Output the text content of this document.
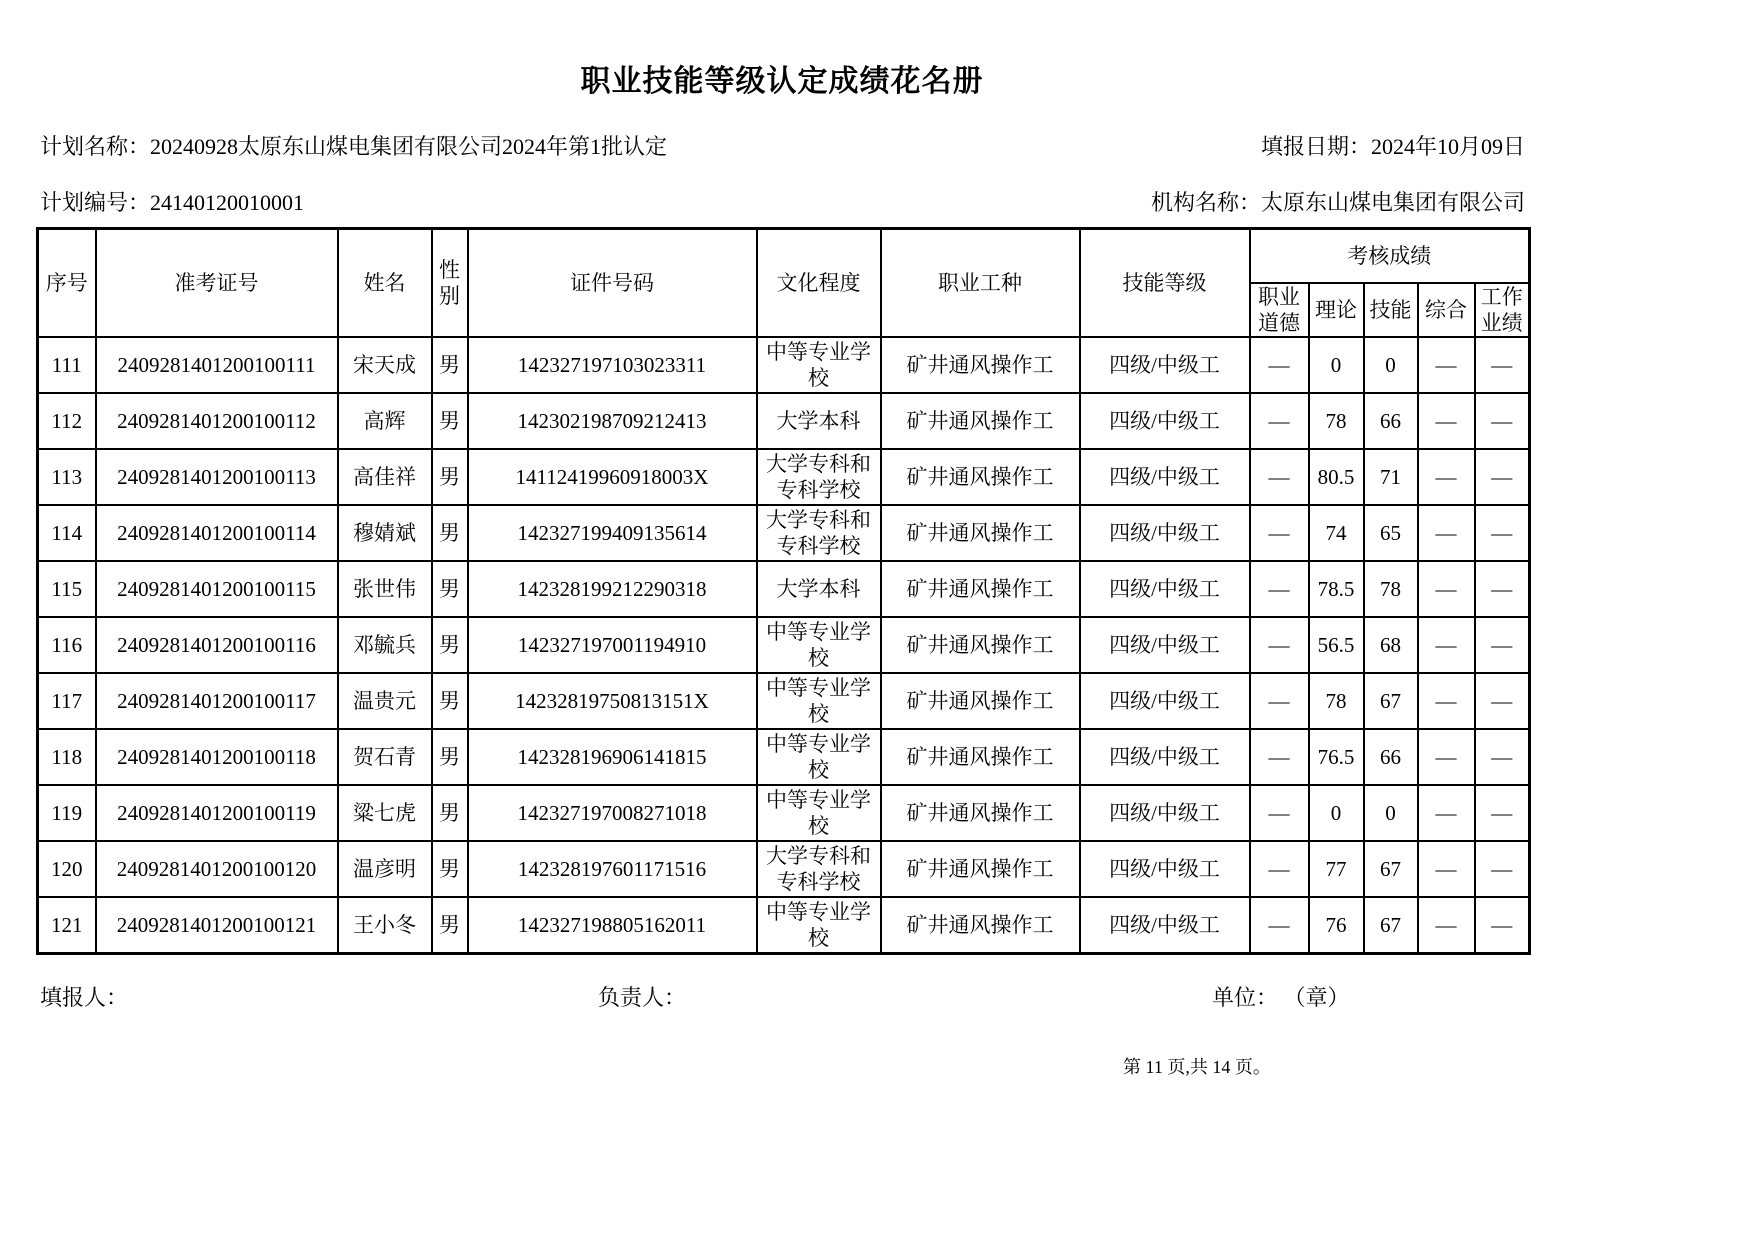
职业技能等级认定成绩花名册
计划名称：20240928太原东山煤电集团有限公司2024年第1批认定	填报日期：2024年10月09日
计划编号：24140120010001	机构名称：太原东山煤电集团有限公司
序号	准考证号	姓名	性别	证件号码	文化程度	职业工种	技能等级	考核成绩				
								职业道德	理论	技能	综合	工作业绩
111	2409281401200100111	宋天成	男	142327197103023311	中等专业学校	矿井通风操作工	四级/中级工	—	0	0	—	—
112	2409281401200100112	高辉	男	142302198709212413	大学本科	矿井通风操作工	四级/中级工	—	78	66	—	—
113	2409281401200100113	高佳祥	男	14112419960918003X	大学专科和专科学校	矿井通风操作工	四级/中级工	—	80.5	71	—	—
114	2409281401200100114	穆婧斌	男	142327199409135614	大学专科和专科学校	矿井通风操作工	四级/中级工	—	74	65	—	—
115	2409281401200100115	张世伟	男	142328199212290318	大学本科	矿井通风操作工	四级/中级工	—	78.5	78	—	—
116	2409281401200100116	邓毓兵	男	142327197001194910	中等专业学校	矿井通风操作工	四级/中级工	—	56.5	68	—	—
117	2409281401200100117	温贵元	男	14232819750813151X	中等专业学校	矿井通风操作工	四级/中级工	—	78	67	—	—
118	2409281401200100118	贺石青	男	142328196906141815	中等专业学校	矿井通风操作工	四级/中级工	—	76.5	66	—	—
119	2409281401200100119	粱七虎	男	142327197008271018	中等专业学校	矿井通风操作工	四级/中级工	—	0	0	—	—
120	2409281401200100120	温彦明	男	142328197601171516	大学专科和专科学校	矿井通风操作工	四级/中级工	—	77	67	—	—
121	2409281401200100121	王小冬	男	142327198805162011	中等专业学校	矿井通风操作工	四级/中级工	—	76	67	—	—
填报人：	负责人：	单位： （章）
第 11 页,共 14 页。
